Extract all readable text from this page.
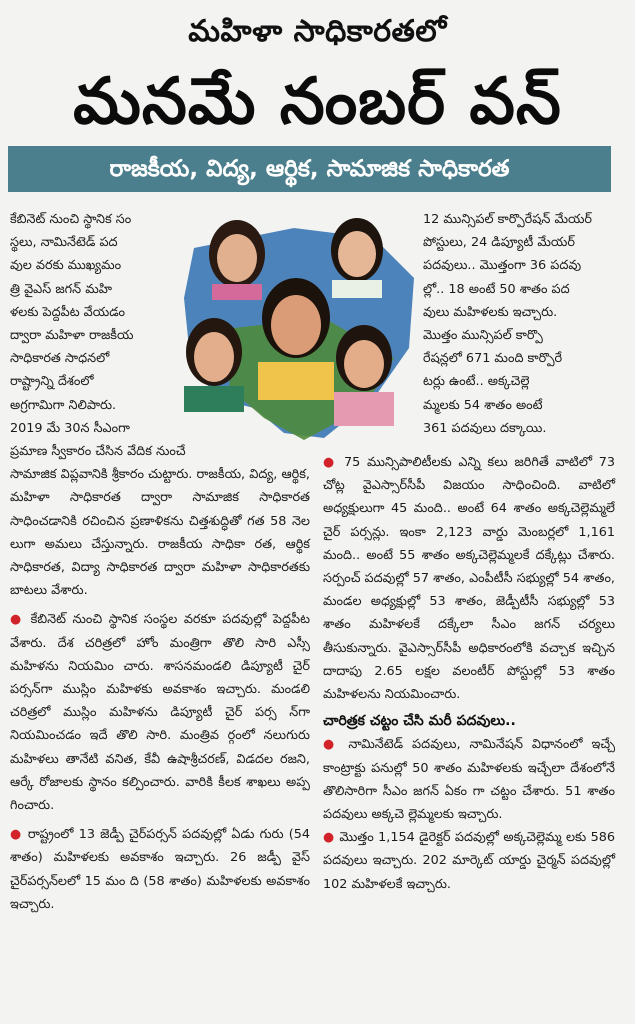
మహిళా సాధికారతలో
మనమే నంబర్ వన్
రాజకీయ, విద్య, ఆర్థిక, సామాజిక సాధికారత
కేబినెట్ నుంచి స్థానిక సం
స్థలు, నామినేటెడ్ పద
వుల వరకు ముఖ్యమం
త్రి వైఎస్ జగన్ మహి
ళలకు పెద్దపీట వేయడం
ద్వారా మహిళా రాజకీయ
సాధికారత సాధనలో
రాష్ట్రాన్ని దేశంలో
అగ్రగామిగా నిలిపారు.
2019 మే 30న సీఎంగా
ప్రమాణ స్వీకారం చేసిన వేదిక నుంచే

సామాజిక విప్లవానికి శ్రీకారం చుట్టారు. రాజకీయ, విద్య, ఆర్థిక, మహిళా సాధికారత ద్వారా సామాజిక సాధికారత సాధించడానికి రచించిన ప్రణాళికను చిత్తశుద్ధితో గత 58 నెల లుగా అమలు చేస్తున్నారు. రాజకీయ సాధికా రత, ఆర్థిక సాధికారత, విద్యా సాధికారత ద్వారా మహిళా సాధికారతకు బాటలు వేశారు.

● కేబినెట్ నుంచి స్థానిక సంస్థల వరకూ పదవుల్లో పెద్దపీట వేశారు. దేశ చరిత్రలో హోం మంత్రిగా తొలి సారి ఎస్సీ మహిళను నియమిం చారు. శాసనమండలి డిప్యూటీ చైర్ పర్సన్‌గా ముస్లిం మహిళకు అవకాశం ఇచ్చారు. మండలి చరిత్రలో ముస్లిం మహిళను డిప్యూటీ చైర్ పర్స న్‌గా నియమించడం ఇదే తొలి సారి. మంత్రివ ర్గంలో నలుగురు మహిళలు తానేటి వనిత, కేవీ ఉషాశ్రీచరణ్, విడదల రజని, ఆర్కే రోజాలకు స్థానం కల్పించారు. వారికి కీలక శాఖలు అప్ప గించారు.

● రాష్ట్రంలో 13 జెడ్పీ చైర్‌పర్సన్ పదవుల్లో ఏడు గురు (54 శాతం) మహిళలకు అవకాశం ఇచ్చారు. 26 జడ్పీ వైస్ చైర్‌పర్సన్‌లలో 15 మం ది (58 శాతం) మహిళలకు అవకాశం ఇచ్చారు.

12 మున్సిపల్ కార్పొరేషన్ మేయర్
పోస్టులు, 24 డిప్యూటీ మేయర్
పదవులు.. మొత్తంగా 36 పదవు
ల్లో.. 18 అంటే 50 శాతం పద
వులు మహిళలకు ఇచ్చారు.
మొత్తం మున్సిపల్ కార్పొ
రేషన్లలో 671 మంది కార్పొరే
టర్లు ఉంటే.. అక్కచెల్లె
మ్మలకు 54 శాతం అంటే
361 పదవులు దక్కాయి.

● 75 మున్సిపాలిటీలకు ఎన్ని కలు జరిగితే వాటిలో 73 చోట్ల వైఎస్సార్‌సీపీ విజయం సాధించింది. వాటిలో అధ్యక్షులుగా 45 మంది.. అంటే 64 శాతం అక్కచెల్లెమ్మలే చైర్ పర్సన్లు. ఇంకా 2,123 వార్డు మెంబర్లలో 1,161 మంది.. అంటే 55 శాతం అక్కచెల్లెమ్మలకే దక్కేట్లు చేశారు. సర్పంచ్ పదవుల్లో 57 శాతం, ఎంపీటీసీ సభ్యుల్లో 54 శాతం, మండల అధ్యక్షుల్లో 53 శాతం, జెడ్పీటీసీ సభ్యుల్లో 53 శాతం మహిళలకే దక్కేలా సీఎం జగన్ చర్యలు తీసుకున్నారు. వైఎస్సార్‌సీపీ అధికారంలోకి వచ్చాక ఇచ్చిన దాదాపు 2.65 లక్షల వలంటీర్ పోస్టుల్లో 53 శాతం మహిళలను నియమించారు.

చారిత్రక చట్టం చేసి మరీ పదవులు..

● నామినేటెడ్ పదవులు, నామినేషన్ విధానంలో ఇచ్చే కాంట్రాక్టు పనుల్లో 50 శాతం మహిళలకు ఇచ్చేలా దేశంలోనే తొలిసారిగా సీఎం జగన్ ఏకం గా చట్టం చేశారు. 51 శాతం పదవులు అక్కచె ల్లెమ్మలకు ఇచ్చారు.

● మొత్తం 1,154 డైరెక్టర్ పదవుల్లో అక్కచెల్లెమ్మ లకు 586 పదవులు ఇచ్చారు. 202 మార్కెట్ యార్డు చైర్మన్ పదవుల్లో 102 మహిళలకే ఇచ్చారు.
